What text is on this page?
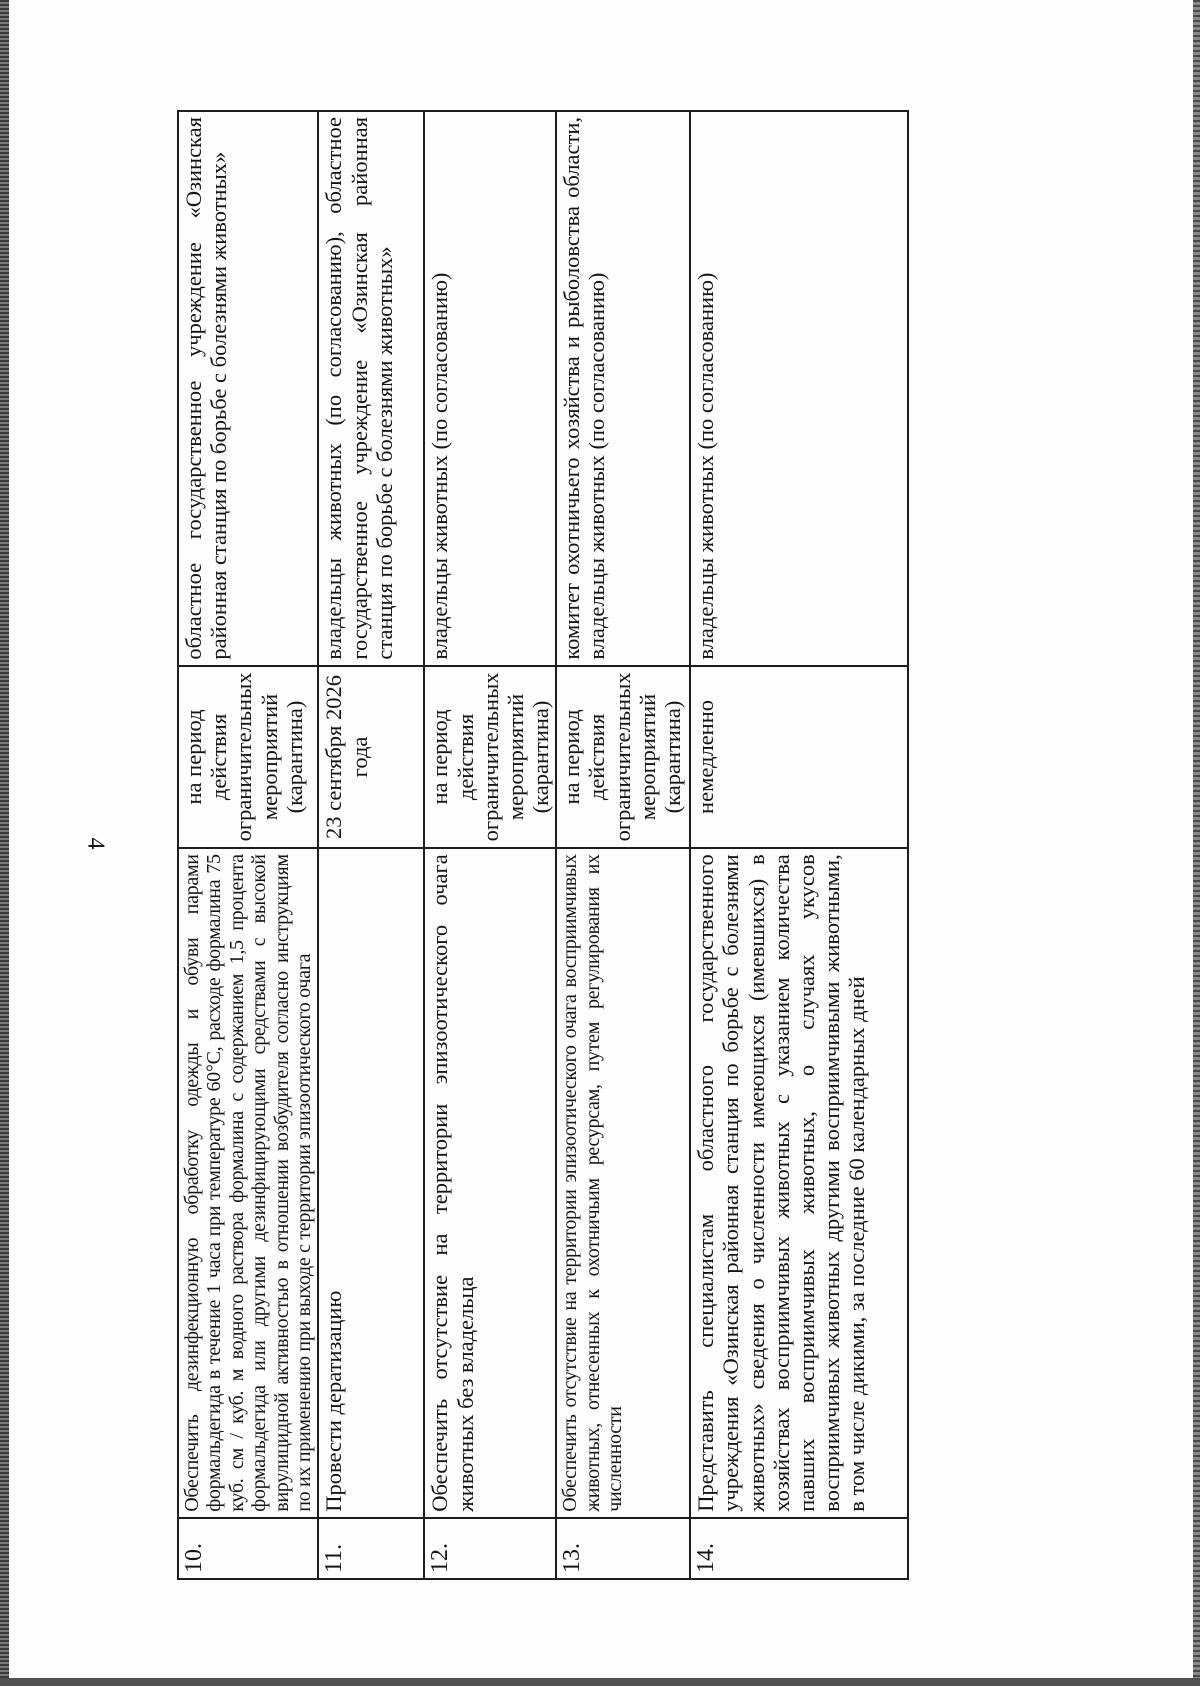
4
10.	Обеспечить дезинфекционную обработку одежды и обуви парами формальдегида в течение 1 часа при температуре 60°С, расходе формалина 75 куб. см / куб. м водного раствора формалина с содержанием 1,5 процента формальдегида или другими дезинфицирующими средствами с высокой вирулицидной активностью в отношении возбудителя согласно инструкциям по их применению при выходе с территории эпизоотического очага	на период действия ограничительных мероприятий (карантина)	областное государственное учреждение «Озинская районная станция по борьбе с болезнями животных»
11.	Провести дератизацию	23 сентября 2026 года	владельцы животных (по согласованию), областное государственное учреждение «Озинская районная станция по борьбе с болезнями животных»
12.	Обеспечить отсутствие на территории эпизоотического очага животных без владельца	на период действия ограничительных мероприятий (карантина)	владельцы животных (по согласованию)
13.	Обеспечить отсутствие на территории эпизоотического очага восприимчивых животных, отнесенных к охотничьим ресурсам, путем регулирования их численности	на период действия ограничительных мероприятий (карантина)	комитет охотничьего хозяйства и рыболовства области, владельцы животных (по согласованию)
14.	Представить специалистам областного государственного учреждения «Озинская районная станция по борьбе с болезнями животных» сведения о численности имеющихся (имевшихся) в хозяйствах восприимчивых животных с указанием количества павших восприимчивых животных, о случаях укусов восприимчивых животных другими восприимчивыми животными, в том числе дикими, за последние 60 календарных дней	немедленно	владельцы животных (по согласованию)
